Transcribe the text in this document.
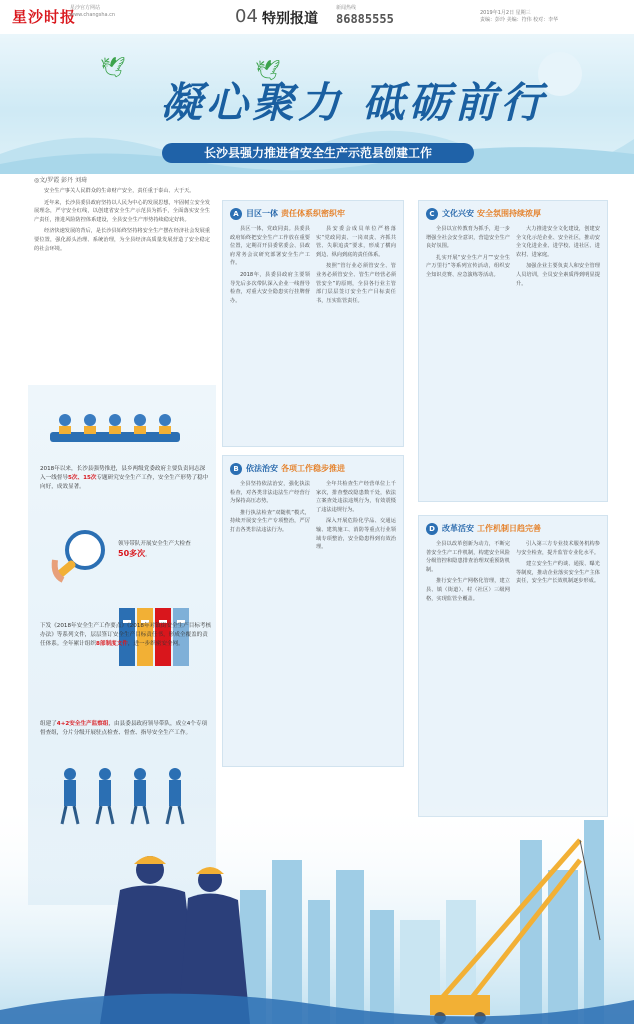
星沙时报
星沙官方网站
www.changsha.cn	04 特别报道
新闻热线
86885555	2019年1月2日 星期三
责编：彭玲 美编：符伟 校对：李华
🕊	🕊
凝心聚力 砥砺前行
长沙县强力推进省安全生产示范县创建工作
◎文/罗霞 彭丹 刘琦

安全生产事关人民群众的生命财产安全，责任重于泰山、大于天。

近年来，长沙县委县政府坚持以人民为中心的发展思想，牢固树立安全发展理念，严守安全红线，以创建省安全生产示范县为抓手，全面落实安全生产责任，推进风险防控体系建设，全县安全生产形势持续稳定好转。

经济快速发展的背后，是长沙县始终坚持将安全生产摆在经济社会发展重要位置，强化源头治理、系统治理，为全县经济高质量发展营造了安全稳定的社会环境。

2018年以来，长沙县强势推进，县乡两级党委政府主要负责同志深入一线督导5次、15次专题研究安全生产工作，安全生产形势了稳中向好，成效显著。
领导带队开展安全生产大检查
50多次。
下发《2018年安全生产工作要点》《2018年对镇街安全生产目标考核办法》等系列文件，层层签订安全生产目标责任书，形成全覆盖的责任体系。全年累计组织8部制度文件，进一步织密安全网。
组建了4+2安全生产监察组，由县委县政府领导带队，成立4个专项督查组，分片分级开展驻点检查、督查、指导安全生产工作。
A 目区一体 责任体系织密织牢

县区一体，党政同责。县委县政府始终把安全生产工作放在重要位置，定期召开县委常委会、县政府常务会议研究部署安全生产工作。

2018年，县委县政府主要领导先后多次带队深入企业一线督导检查，对重大安全隐患实行挂牌督办。

县安委会成员单位严格落实“党政同责、一岗双责、齐抓共管、失职追责”要求，形成了横向到边、纵向到底的责任体系。

按照“管行业必须管安全、管业务必须管安全、管生产经营必须管安全”的原则，全县各行业主管部门层层签订安全生产目标责任书，压实监管责任。

B 依法治安 各项工作稳步推进

全县坚持依法治安，强化执法检查，对各类非法违法生产经营行为保持高压态势。

推行执法检查“双随机”模式，持续开展安全生产专项整治，严厉打击各类非法违法行为。

全年共检查生产经营单位上千家次，排查整改隐患数千处，依法立案查处违法违规行为，有效震慑了违法违规行为。

深入开展危险化学品、交通运输、建筑施工、消防等重点行业领域专项整治，安全隐患得到有效治理。

C 文化兴安 安全氛围持续浓厚

全县以宣传教育为抓手，进一步增强全社会安全意识，营造安全生产良好氛围。

扎实开展“安全生产月”“安全生产万里行”等系列宣传活动，组织安全知识竞赛、应急演练等活动。

大力推进安全文化建设，创建安全文化示范企业、安全社区，推动安全文化进企业、进学校、进社区、进农村、进家庭。

加强企业主要负责人和安全管理人员培训，全员安全素质得到明显提升。

D 改革活安 工作机制日趋完善

全县以改革创新为动力，不断完善安全生产工作机制，构建安全风险分级管控和隐患排查治理双重预防机制。

推行安全生产网格化管理，建立县、镇（街道）、村（社区）三级网格，实现监管全覆盖。

引入第三方专业技术服务机构参与安全检查，提升监管专业化水平。

建立安全生产约谈、通报、曝光等制度，推动企业落实安全生产主体责任，安全生产长效机制逐步形成。
